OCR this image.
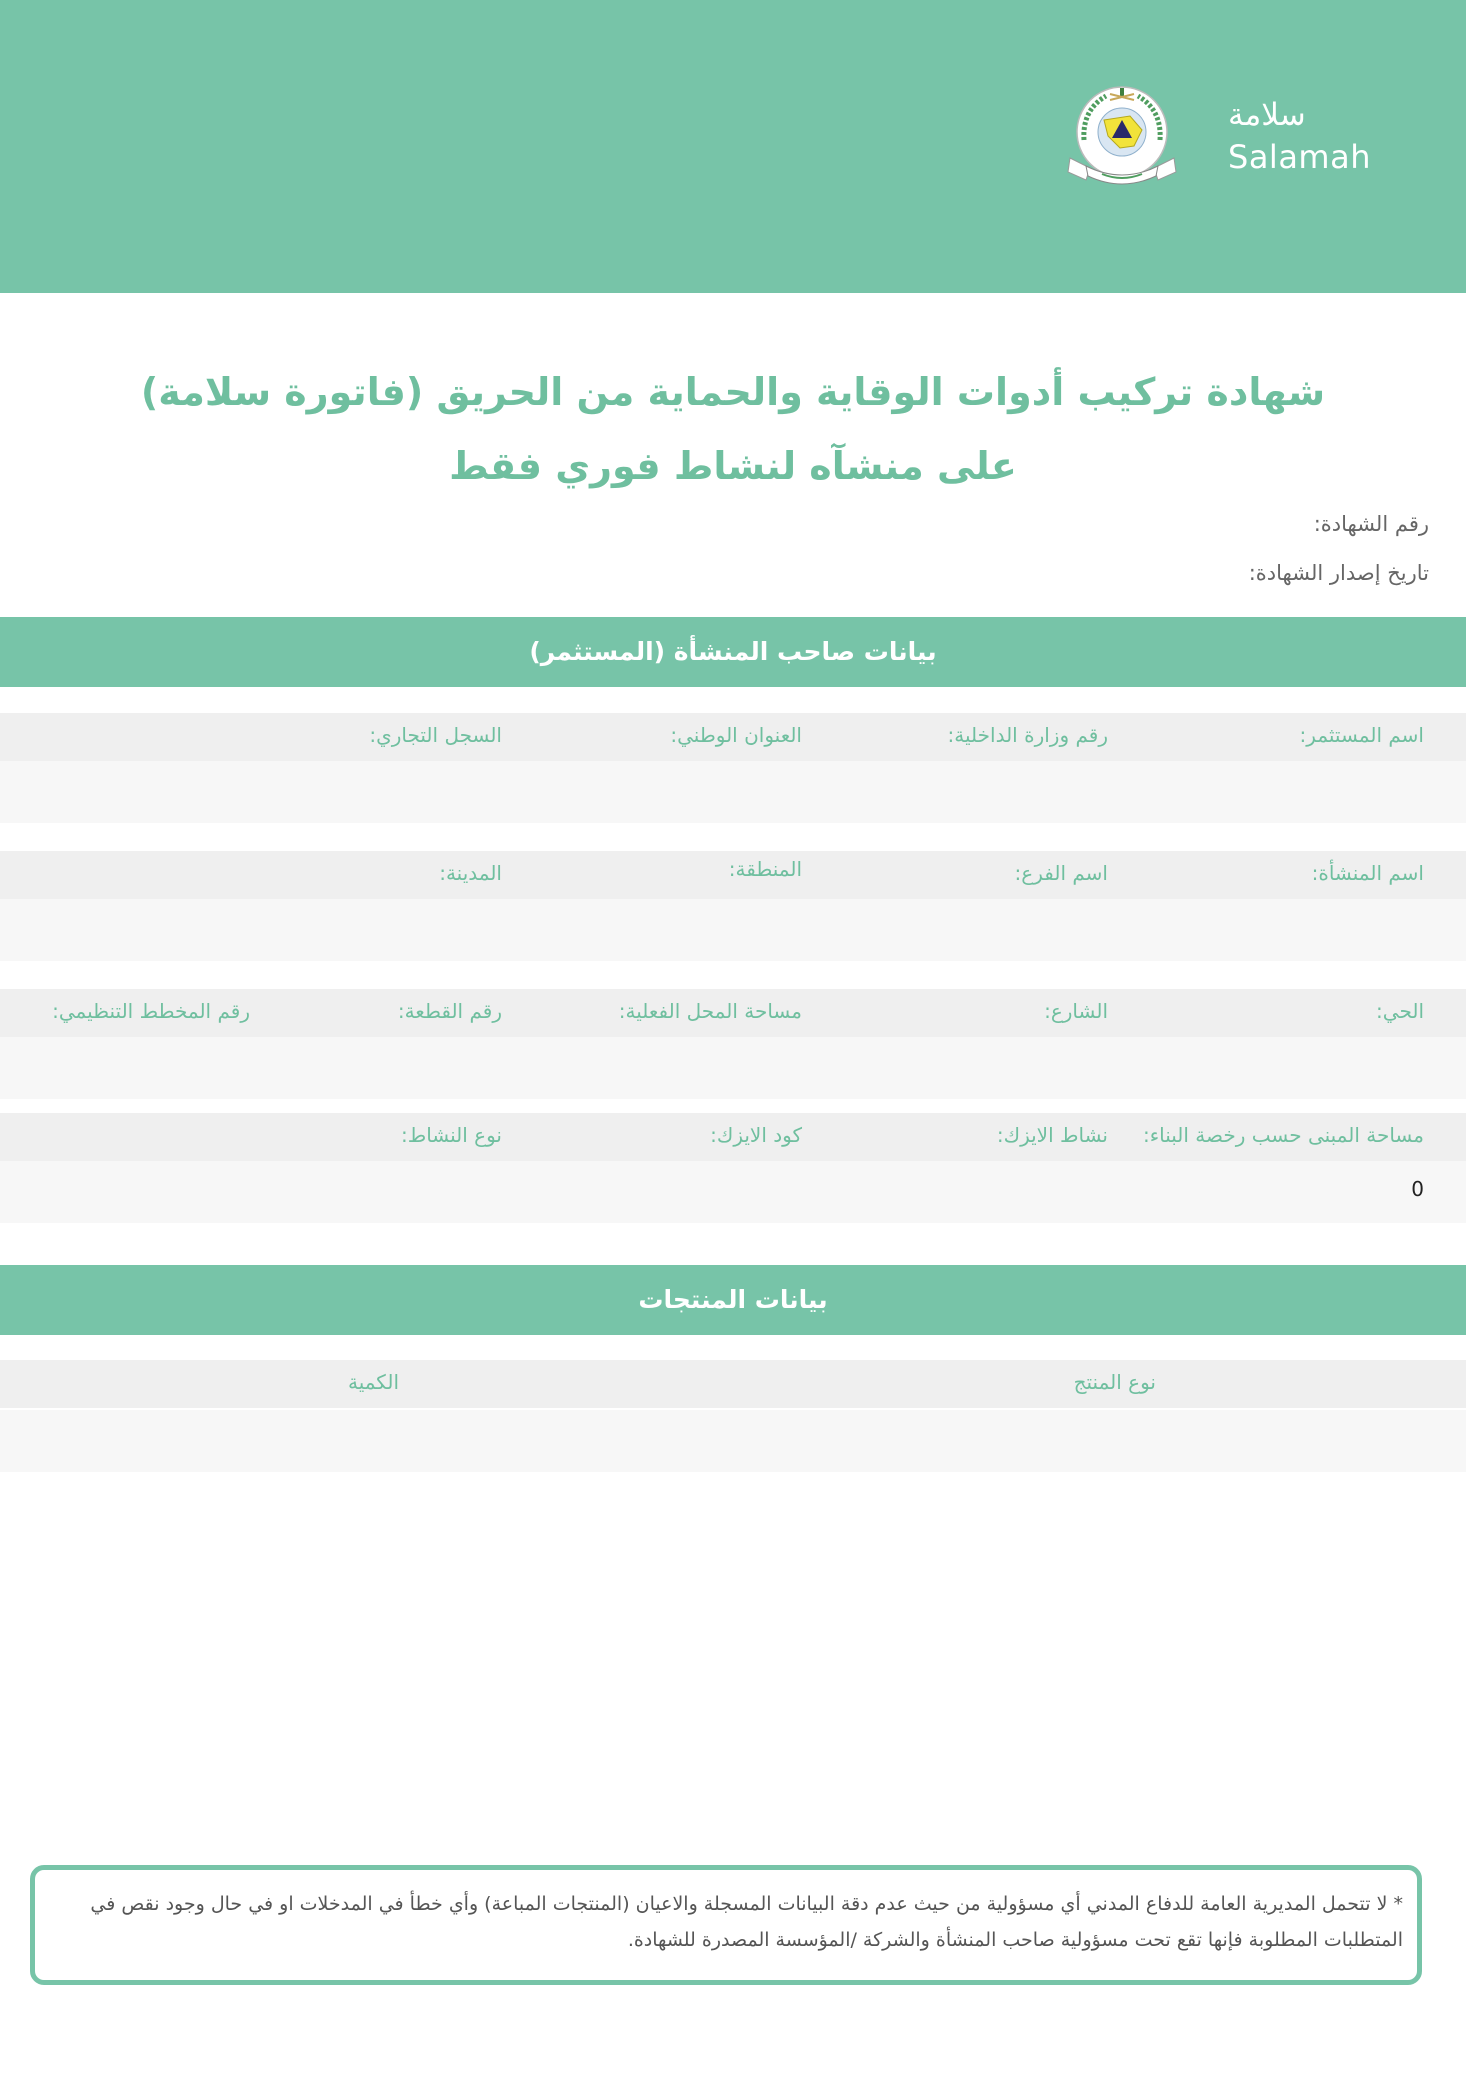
سلامة
Salamah
شهادة تركيب أدوات الوقاية والحماية من الحريق (فاتورة سلامة)
على منشآه لنشاط فوري فقط
رقم الشهادة:
تاريخ إصدار الشهادة:
بيانات صاحب المنشأة (المستثمر)
اسم المستثمر:
رقم وزارة الداخلية:
العنوان الوطني:
السجل التجاري:
اسم المنشأة:
اسم الفرع:
المنطقة:
المدينة:
الحي:
الشارع:
مساحة المحل الفعلية:
رقم القطعة:
رقم المخطط التنظيمي:
مساحة المبنى حسب رخصة البناء:
نشاط الايزك:
كود الايزك:
نوع النشاط:
0
بيانات المنتجات
نوع المنتج
الكمية
* لا تتحمل المديرية العامة للدفاع المدني أي مسؤولية من حيث عدم دقة البيانات المسجلة والاعيان (المنتجات المباعة) وأي خطأ في المدخلات او في حال وجود نقص في المتطلبات المطلوبة فإنها تقع تحت مسؤولية صاحب المنشأة والشركة /المؤسسة المصدرة للشهادة.
